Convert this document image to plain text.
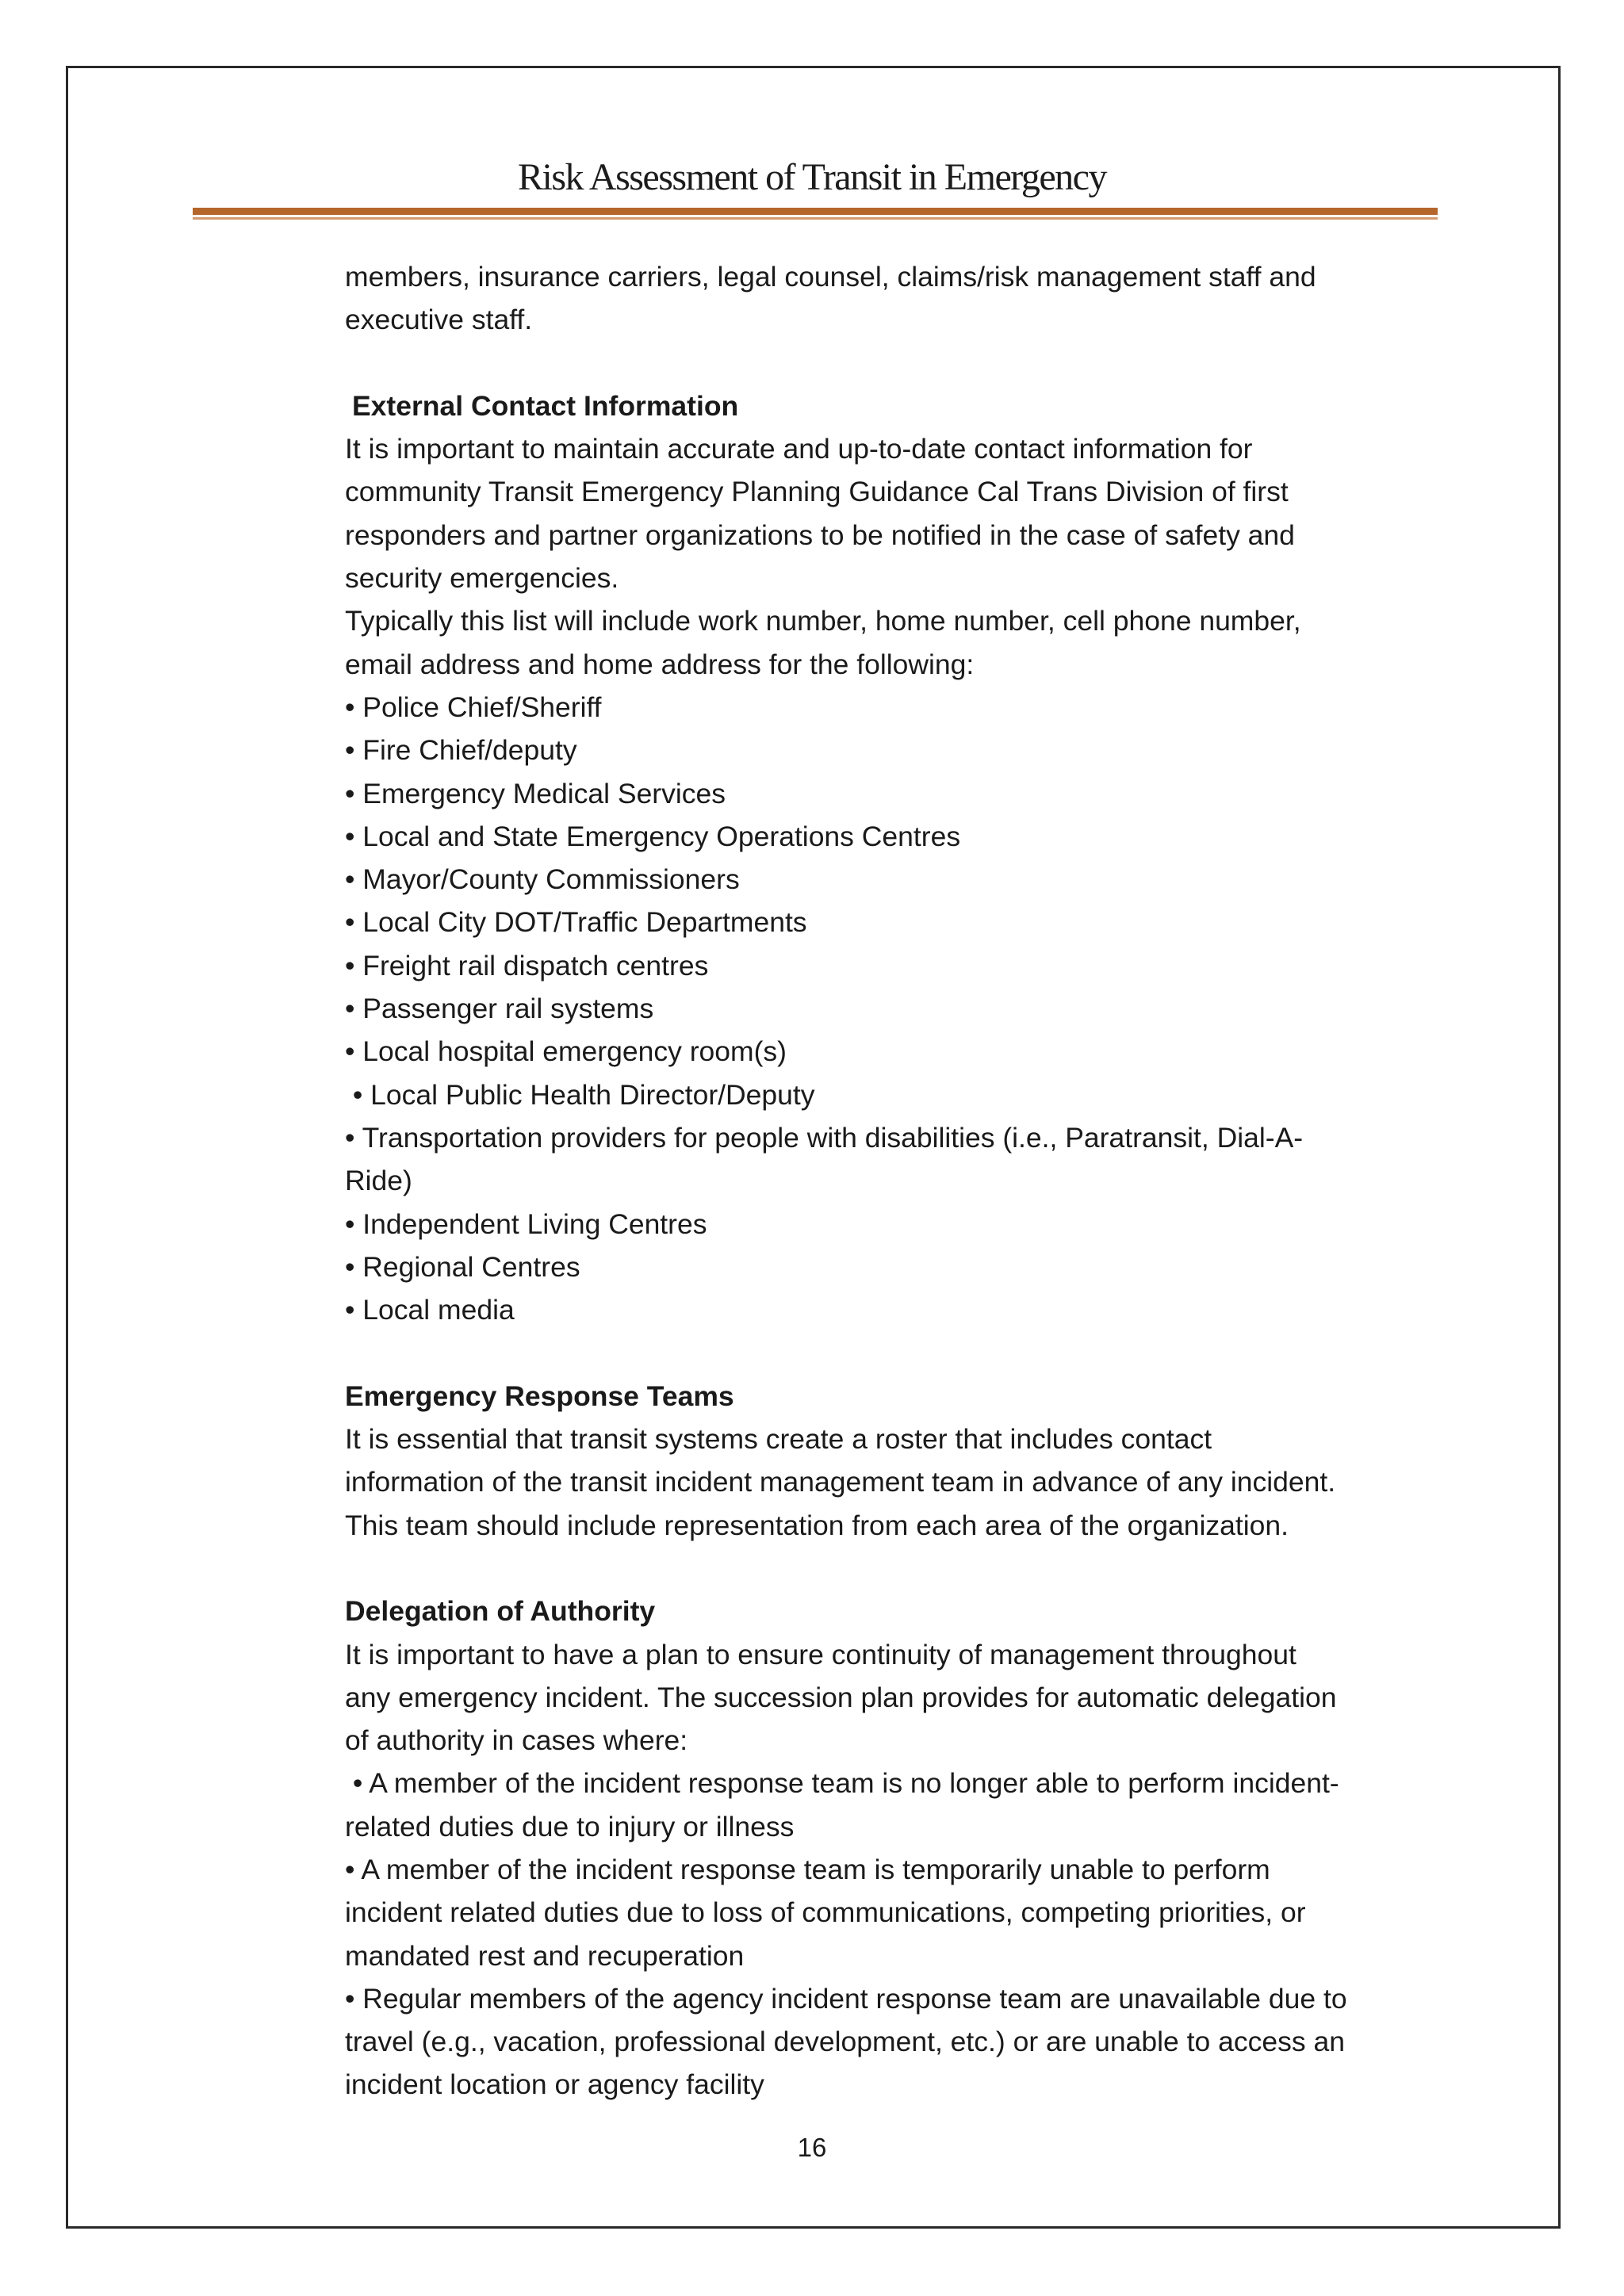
Risk Assessment of Transit in Emergency
members, insurance carriers, legal counsel, claims/risk management staff and
executive staff.
External Contact Information
It is important to maintain accurate and up-to-date contact information for
community Transit Emergency Planning Guidance Cal Trans Division of first
responders and partner organizations to be notified in the case of safety and
security emergencies.
Typically this list will include work number, home number, cell phone number,
email address and home address for the following:
• Police Chief/Sheriff
• Fire Chief/deputy
• Emergency Medical Services
• Local and State Emergency Operations Centres
• Mayor/County Commissioners
• Local City DOT/Traffic Departments
• Freight rail dispatch centres
• Passenger rail systems
• Local hospital emergency room(s)
• Local Public Health Director/Deputy
• Transportation providers for people with disabilities (i.e., Paratransit, Dial-A-
Ride)
• Independent Living Centres
• Regional Centres
• Local media
Emergency Response Teams
It is essential that transit systems create a roster that includes contact
information of the transit incident management team in advance of any incident.
This team should include representation from each area of the organization.
Delegation of Authority
It is important to have a plan to ensure continuity of management throughout
any emergency incident. The succession plan provides for automatic delegation
of authority in cases where:
• A member of the incident response team is no longer able to perform incident-
related duties due to injury or illness
• A member of the incident response team is temporarily unable to perform
incident related duties due to loss of communications, competing priorities, or
mandated rest and recuperation
• Regular members of the agency incident response team are unavailable due to
travel (e.g., vacation, professional development, etc.) or are unable to access an
incident location or agency facility
16
